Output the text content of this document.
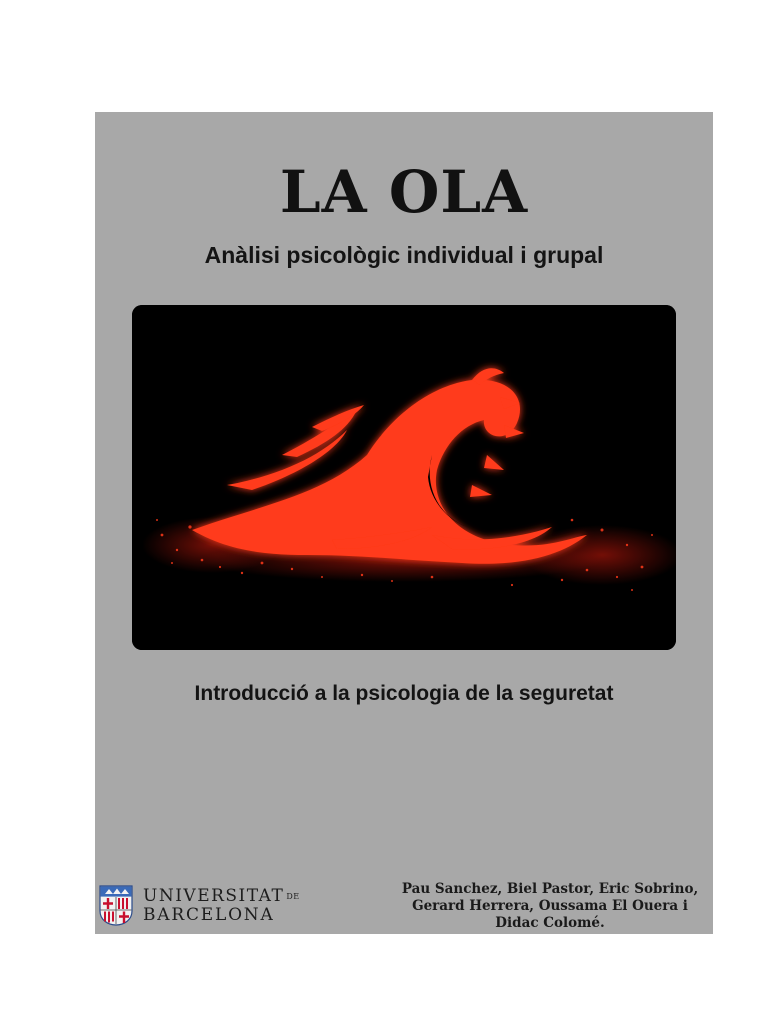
LA OLA
Anàlisi psicològic individual i grupal
Introducció a la psicologia de la seguretat
UNIVERSITAT DE
BARCELONA
Pau Sanchez, Biel Pastor, Eric Sobrino,
Gerard Herrera, Oussama El Ouera i
Didac Colomé.
